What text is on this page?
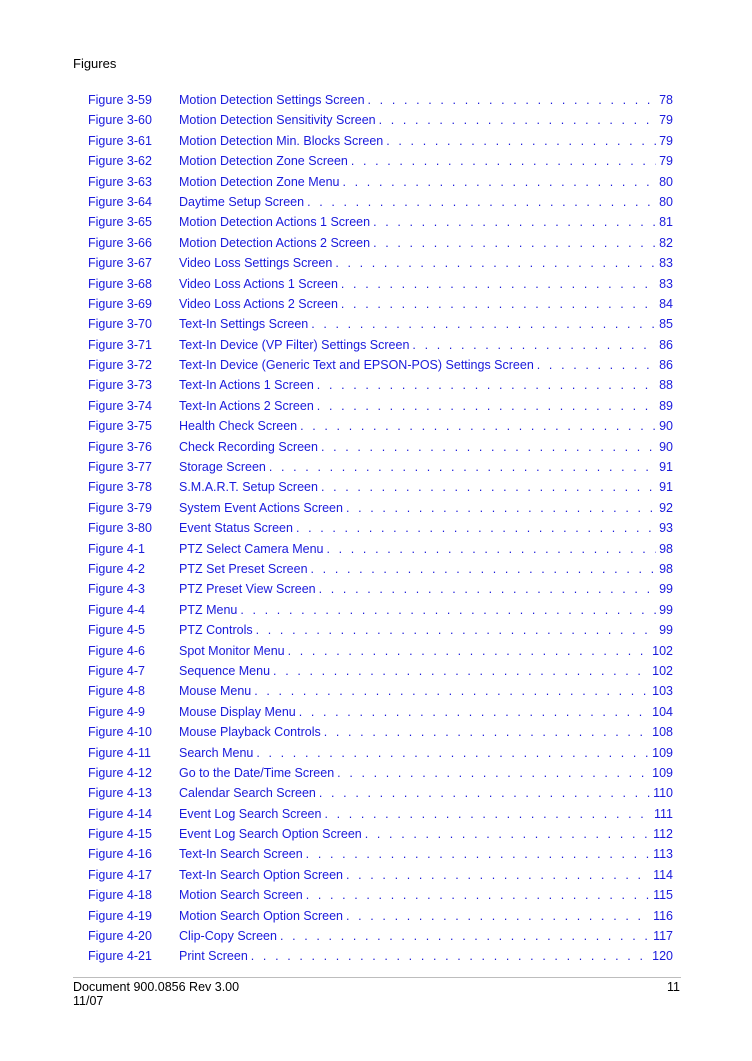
Figures
Figure 3-59	Motion Detection Settings Screen . . .	78
Figure 3-60	Motion Detection Sensitivity Screen . . .	79
Figure 3-61	Motion Detection Min. Blocks Screen . . .	79
Figure 3-62	Motion Detection Zone Screen . . .	79
Figure 3-63	Motion Detection Zone Menu . . .	80
Figure 3-64	Daytime Setup Screen . . .	80
Figure 3-65	Motion Detection Actions 1 Screen . . .	81
Figure 3-66	Motion Detection Actions 2 Screen . . .	82
Figure 3-67	Video Loss Settings Screen . . .	83
Figure 3-68	Video Loss Actions 1 Screen . . .	83
Figure 3-69	Video Loss Actions 2 Screen . . .	84
Figure 3-70	Text-In Settings Screen . . .	85
Figure 3-71	Text-In Device (VP Filter) Settings Screen . . .	86
Figure 3-72	Text-In Device (Generic Text and EPSON-POS) Settings Screen . . .	86
Figure 3-73	Text-In Actions 1 Screen . . .	88
Figure 3-74	Text-In Actions 2 Screen . . .	89
Figure 3-75	Health Check Screen . . .	90
Figure 3-76	Check Recording Screen . . .	90
Figure 3-77	Storage Screen . . .	91
Figure 3-78	S.M.A.R.T. Setup Screen . . .	91
Figure 3-79	System Event Actions Screen . . .	92
Figure 3-80	Event Status Screen . . .	93
Figure 4-1	PTZ Select Camera Menu . . .	98
Figure 4-2	PTZ Set Preset Screen . . .	98
Figure 4-3	PTZ Preset View Screen . . .	99
Figure 4-4	PTZ Menu . . .	99
Figure 4-5	PTZ Controls . . .	99
Figure 4-6	Spot Monitor Menu . . .	102
Figure 4-7	Sequence Menu . . .	102
Figure 4-8	Mouse Menu . . .	103
Figure 4-9	Mouse Display Menu . . .	104
Figure 4-10	Mouse Playback Controls . . .	108
Figure 4-11	Search Menu . . .	109
Figure 4-12	Go to the Date/Time Screen . . .	109
Figure 4-13	Calendar Search Screen . . .	110
Figure 4-14	Event Log Search Screen . . .	111
Figure 4-15	Event Log Search Option Screen . . .	112
Figure 4-16	Text-In Search Screen . . .	113
Figure 4-17	Text-In Search Option Screen . . .	114
Figure 4-18	Motion Search Screen . . .	115
Figure 4-19	Motion Search Option Screen . . .	116
Figure 4-20	Clip-Copy Screen . . .	117
Figure 4-21	Print Screen . . .	120
Document 900.0856 Rev 3.00
11/07
11
